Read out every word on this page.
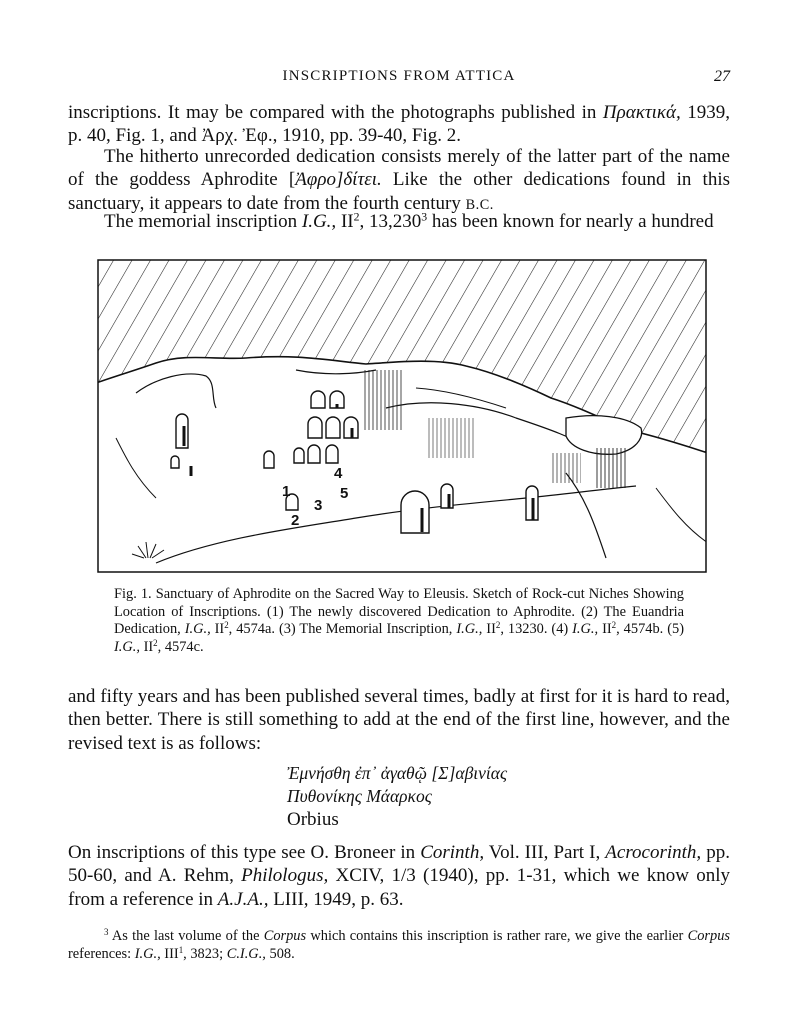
INSCRIPTIONS FROM ATTICA	27

inscriptions. It may be compared with the photographs published in Πρακτικά, 1939, p. 40, Fig. 1, and Ἀρχ. Ἐφ., 1910, pp. 39-40, Fig. 2.

The hitherto unrecorded dedication consists merely of the latter part of the name of the goddess Aphrodite [Ἀφρο]δίτει. Like the other dedications found in this sanctuary, it appears to date from the fourth century B.C.

The memorial inscription I.G., $II^2$, 13,230$^3$ has been known for nearly a hundred

1
2
3
4
5

Fig. 1. Sanctuary of Aphrodite on the Sacred Way to Eleusis. Sketch of Rock-cut Niches Showing Location of Inscriptions. (1) The newly discovered Dedication to Aphrodite. (2) The Euandria Dedication, I.G., $II^2$, 4574a. (3) The Memorial Inscription, I.G., $II^2$, 13230. (4) I.G., $II^2$, 4574b. (5) I.G., $II^2$, 4574c.

and fifty years and has been published several times, badly at first for it is hard to read, then better. There is still something to add at the end of the first line, however, and the revised text is as follows:

Ἐμνήσθη ἐπ᾽ ἀγαθῷ [Σ]αβινίας
Πυθονίκης Μάαρκος
Orbius

On inscriptions of this type see O. Broneer in Corinth, Vol. III, Part I, Acrocorinth, pp. 50-60, and A. Rehm, Philologus, XCIV, 1/3 (1940), pp. 1-31, which we know only from a reference in A.J.A., LIII, 1949, p. 63.

$^3$ As the last volume of the Corpus which contains this inscription is rather rare, we give the earlier Corpus references: I.G., III$^1$, 3823; C.I.G., 508.
